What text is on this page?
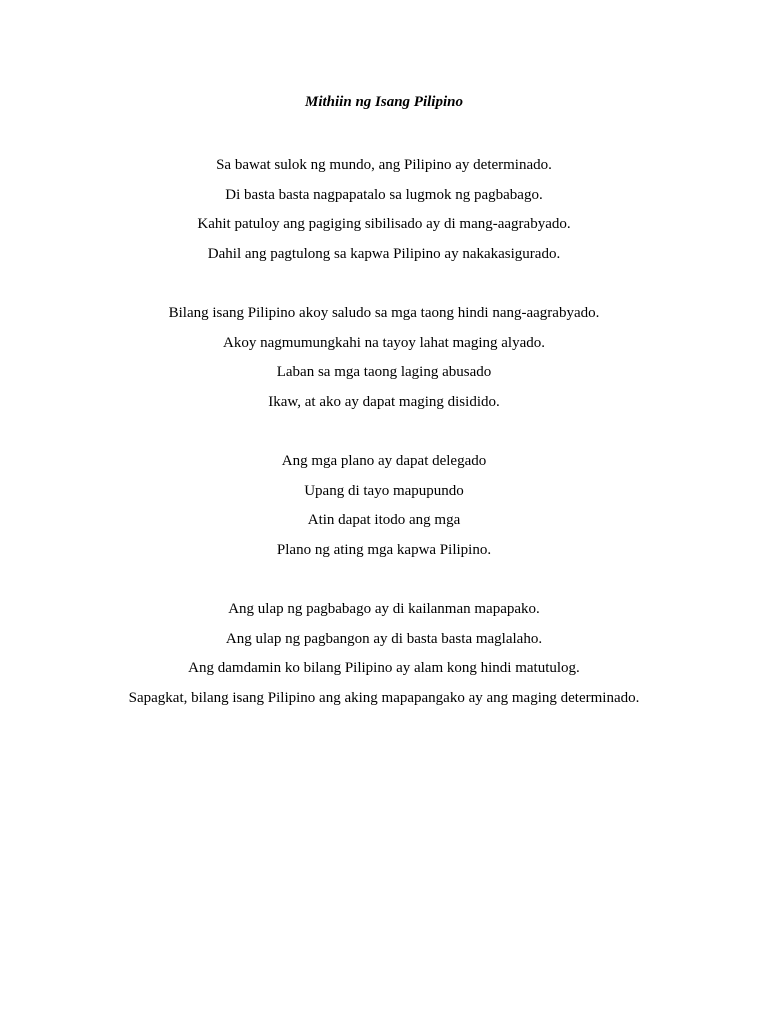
Mithiin ng Isang Pilipino
Sa bawat sulok ng mundo, ang Pilipino ay determinado.
Di basta basta nagpapatalo sa lugmok ng pagbabago.
Kahit patuloy ang pagiging sibilisado ay di mang-aagrabyado.
Dahil ang pagtulong sa kapwa Pilipino ay nakakasigurado.
Bilang isang Pilipino akoy saludo sa mga taong hindi nang-aagrabyado.
Akoy nagmumungkahi na tayoy lahat maging alyado.
Laban sa mga taong laging abusado
Ikaw, at ako ay dapat maging disidido.
Ang mga plano ay dapat delegado
Upang di tayo mapupundo
Atin dapat itodo ang mga
Plano ng ating mga kapwa Pilipino.
Ang ulap ng pagbabago ay di kailanman mapapako.
Ang ulap ng pagbangon ay di basta basta maglalaho.
Ang damdamin ko bilang Pilipino ay alam kong hindi matutulog.
Sapagkat, bilang isang Pilipino ang aking mapapangako ay ang maging determinado.
